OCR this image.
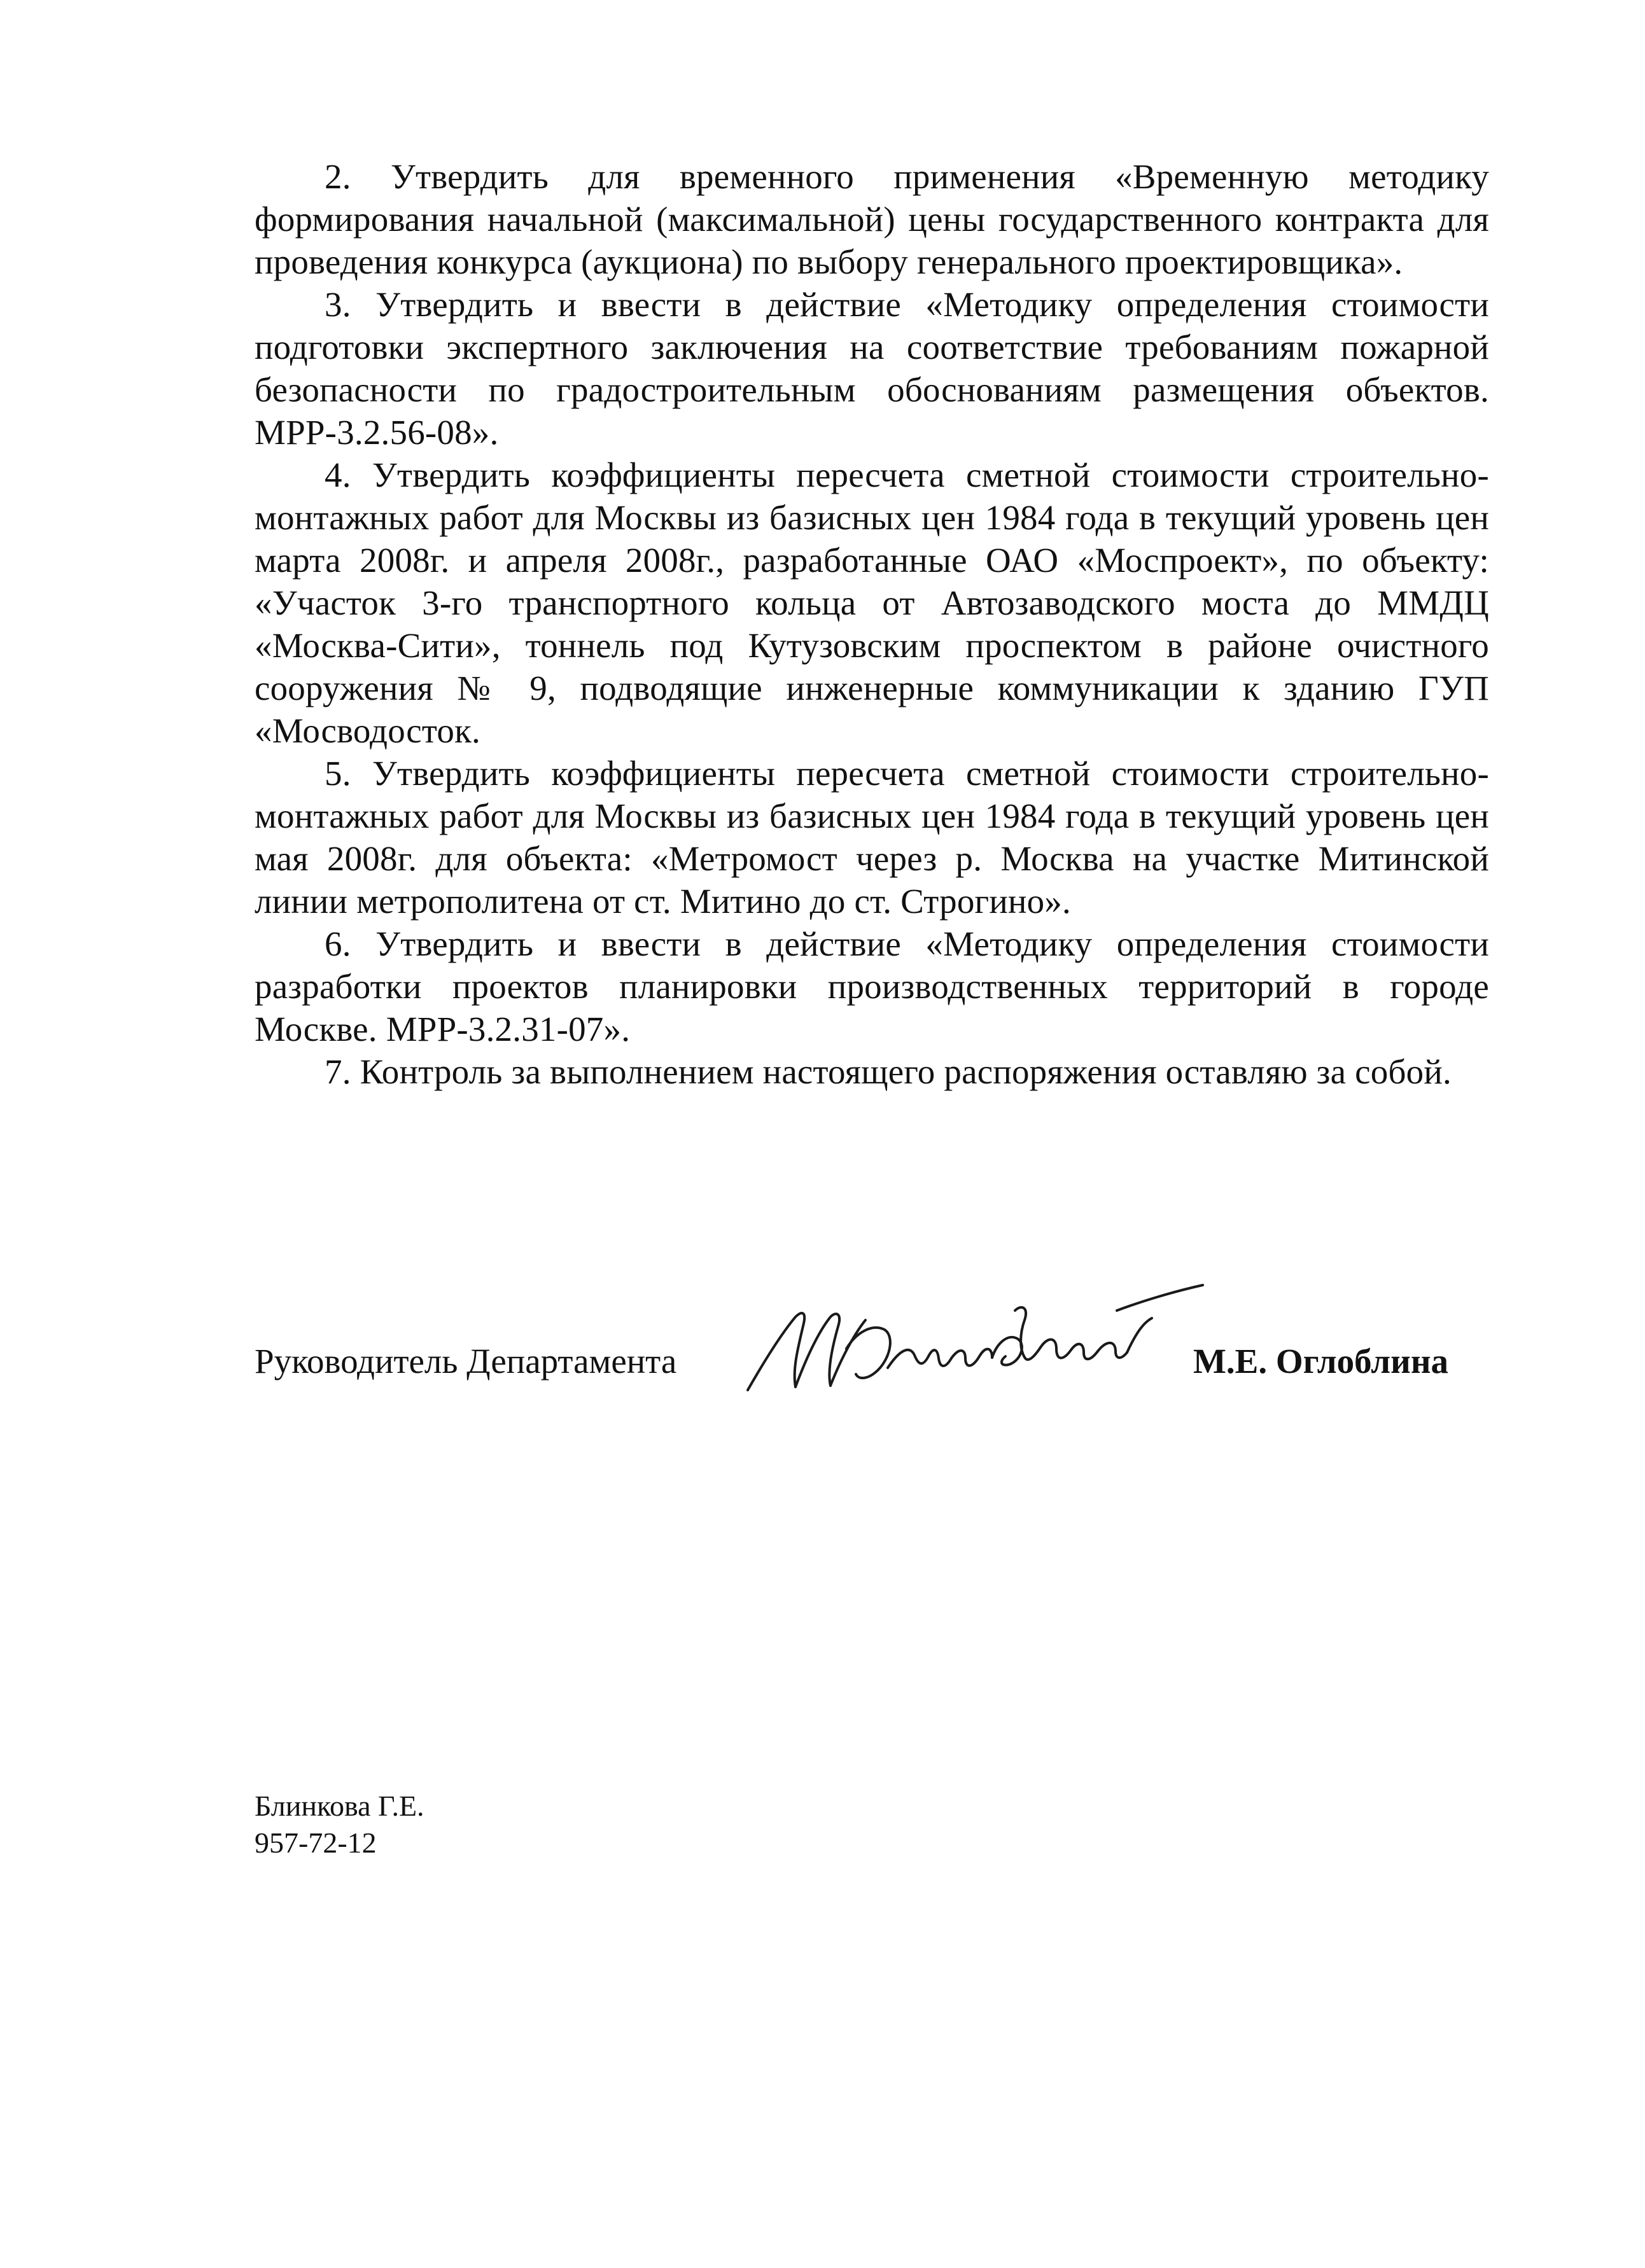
2. Утвердить для временного применения «Временную методику формирования начальной (максимальной) цены государственного контракта для проведения конкурса (аукциона) по выбору генерального проектировщика».

3. Утвердить и ввести в действие «Методику определения стоимости подготовки экспертного заключения на соответствие требованиям пожарной безопасности по градостроительным обоснованиям размещения объектов. МРР-3.2.56-08».

4. Утвердить коэффициенты пересчета сметной стоимости строительно-монтажных работ для Москвы из базисных цен 1984 года в текущий уровень цен марта 2008г. и апреля 2008г., разработанные ОАО «Моспроект», по объекту: «Участок 3-го транспортного кольца от Автозаводского моста до ММДЦ «Москва-Сити», тоннель под Кутузовским проспектом в районе очистного сооружения № 9, подводящие инженерные коммуникации к зданию ГУП «Мосводосток.

5. Утвердить коэффициенты пересчета сметной стоимости строительно-монтажных работ для Москвы из базисных цен 1984 года в текущий уровень цен мая 2008г. для объекта: «Метромост через р. Москва на участке Митинской линии метрополитена от ст. Митино до ст. Строгино».

6. Утвердить и ввести в действие «Методику определения стоимости разработки проектов планировки производственных территорий в городе Москве. МРР-3.2.31-07».

7. Контроль за выполнением настоящего распоряжения оставляю за собой.

Руководитель Департамента	М.Е. Оглоблина
Блинкова Г.Е.
957-72-12
